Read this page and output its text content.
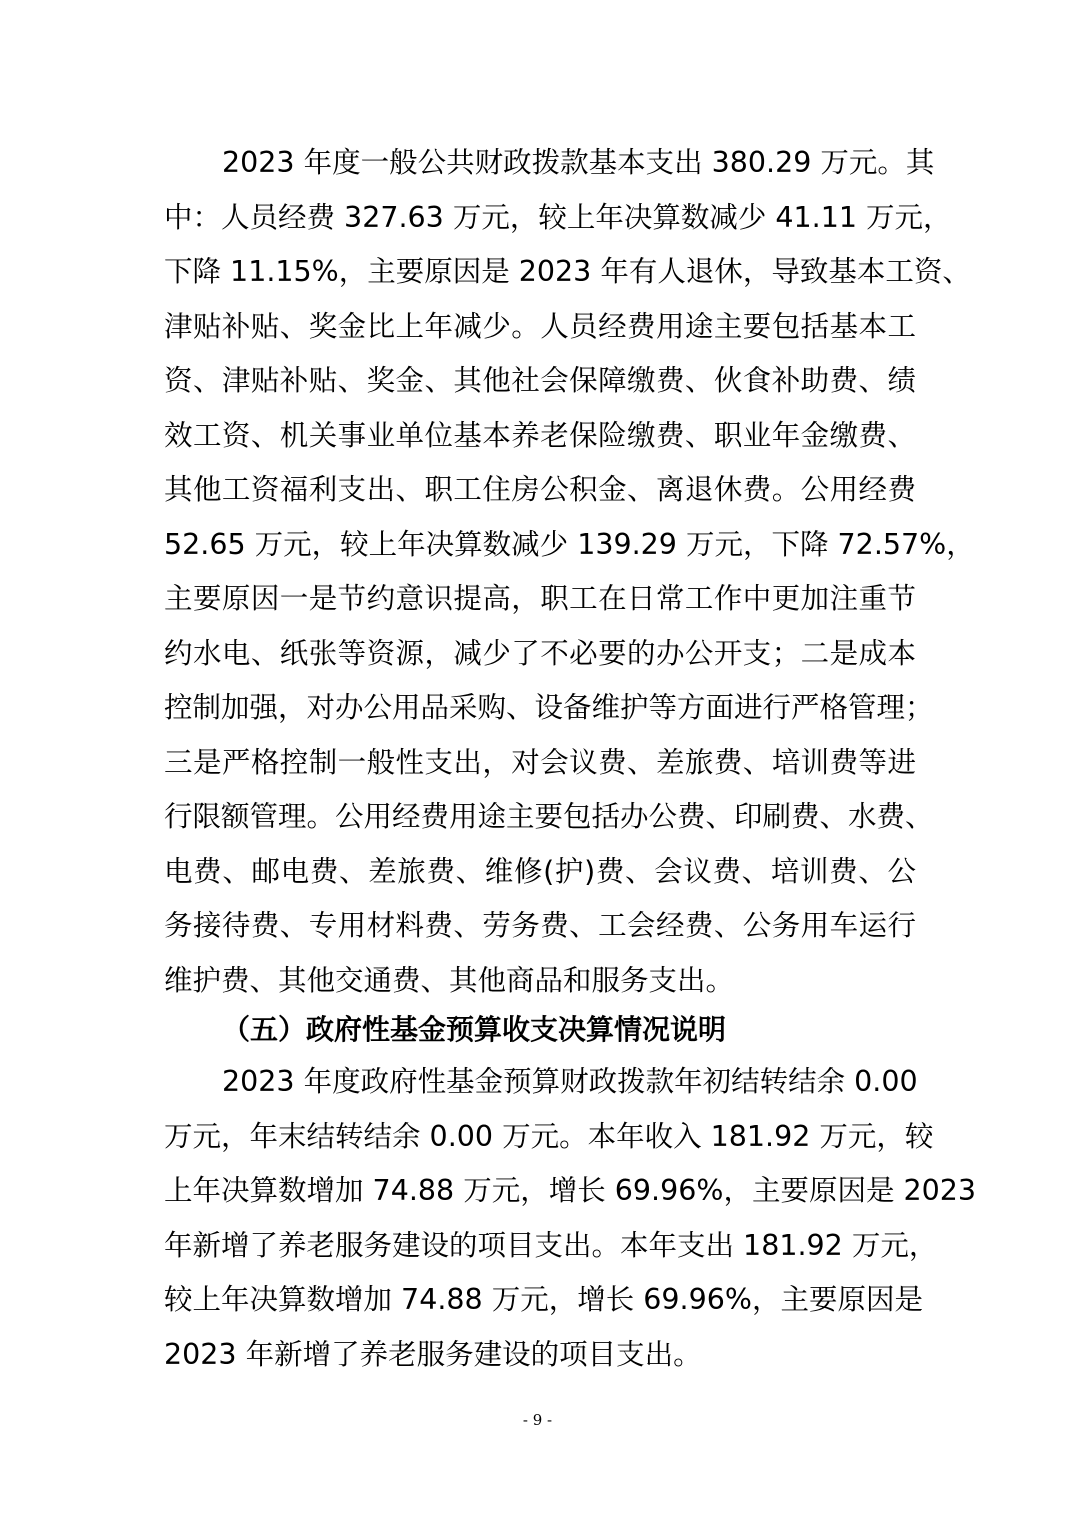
2023 年度一般公共财政拨款基本支出 380.29 万元。其
中：人员经费 327.63 万元，较上年决算数减少 41.11 万元，
下降 11.15%，主要原因是 2023 年有人退休，导致基本工资、
津贴补贴、奖金比上年减少。人员经费用途主要包括基本工
资、津贴补贴、奖金、其他社会保障缴费、伙食补助费、绩
效工资、机关事业单位基本养老保险缴费、职业年金缴费、
其他工资福利支出、职工住房公积金、离退休费。公用经费
52.65 万元，较上年决算数减少 139.29 万元，下降 72.57%，
主要原因一是节约意识提高，职工在日常工作中更加注重节
约水电、纸张等资源，减少了不必要的办公开支；二是成本
控制加强，对办公用品采购、设备维护等方面进行严格管理；
三是严格控制一般性支出，对会议费、差旅费、培训费等进
行限额管理。公用经费用途主要包括办公费、印刷费、水费、
电费、邮电费、差旅费、维修(护)费、会议费、培训费、公
务接待费、专用材料费、劳务费、工会经费、公务用车运行
维护费、其他交通费、其他商品和服务支出。
（五）政府性基金预算收支决算情况说明
2023 年度政府性基金预算财政拨款年初结转结余 0.00
万元，年末结转结余 0.00 万元。本年收入 181.92 万元，较
上年决算数增加 74.88 万元，增长 69.96%，主要原因是 2023
年新增了养老服务建设的项目支出。本年支出 181.92 万元，
较上年决算数增加 74.88 万元，增长 69.96%，主要原因是
2023 年新增了养老服务建设的项目支出。
- 9 -
